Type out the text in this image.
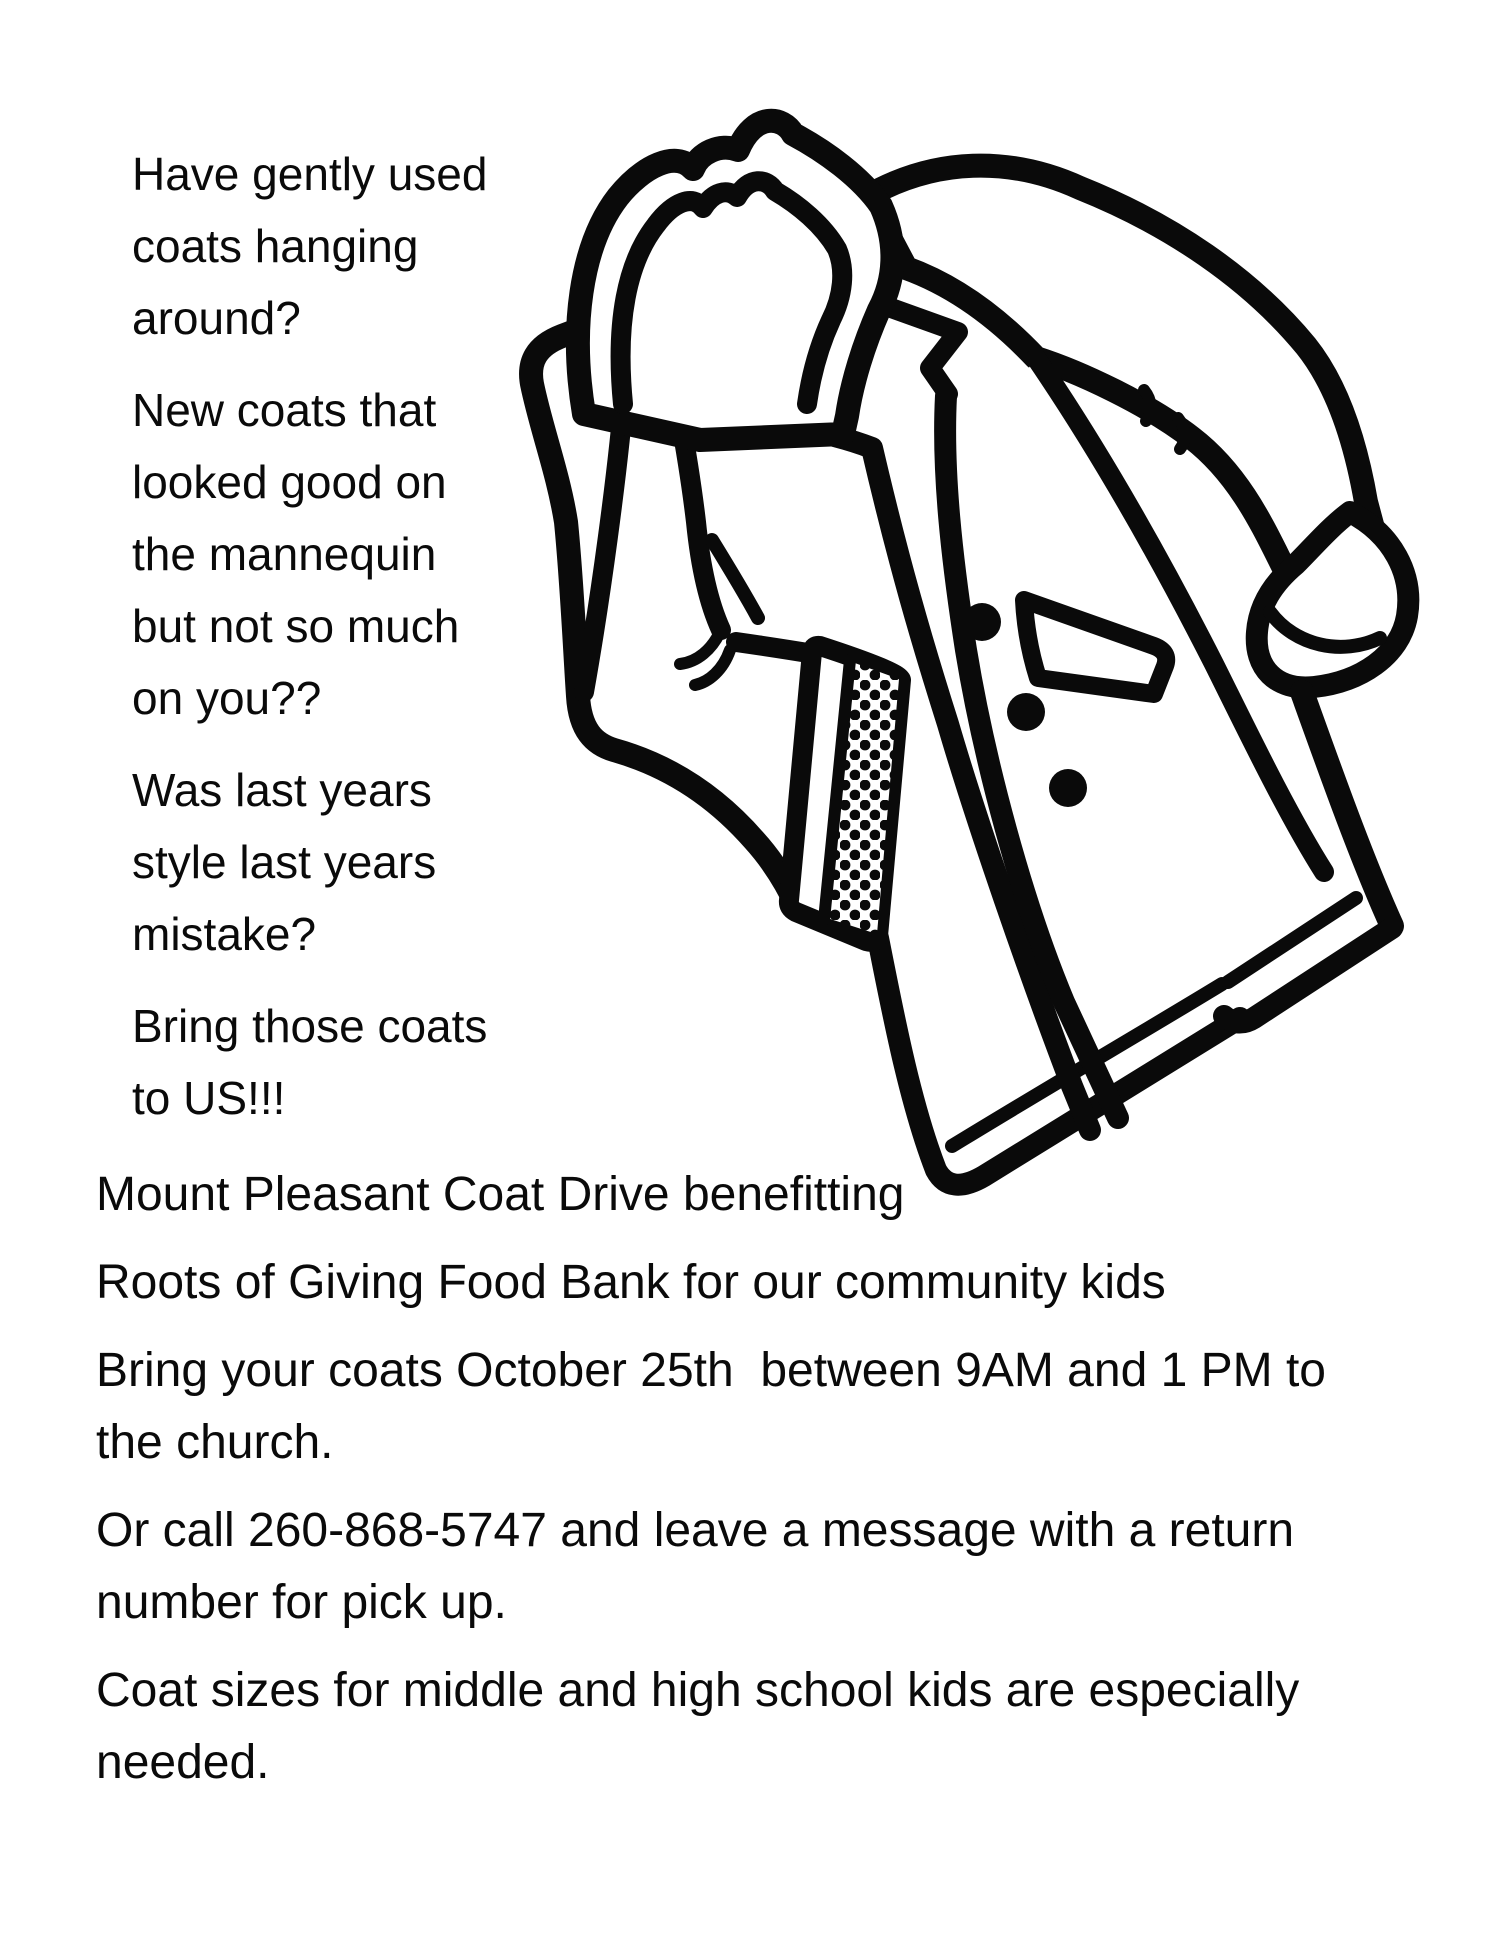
Have gently used
coats hanging
around?

New coats that
looked good on
the mannequin
but not so much
on you??

Was last years
style last years
mistake?

Bring those coats
to US!!!

Mount Pleasant Coat Drive benefitting

Roots of Giving Food Bank for our community kids

Bring your coats October 25th  between 9AM and 1 PM to
the church.

Or call 260-868-5747 and leave a message with a return
number for pick up.

Coat sizes for middle and high school kids are especially
needed.
